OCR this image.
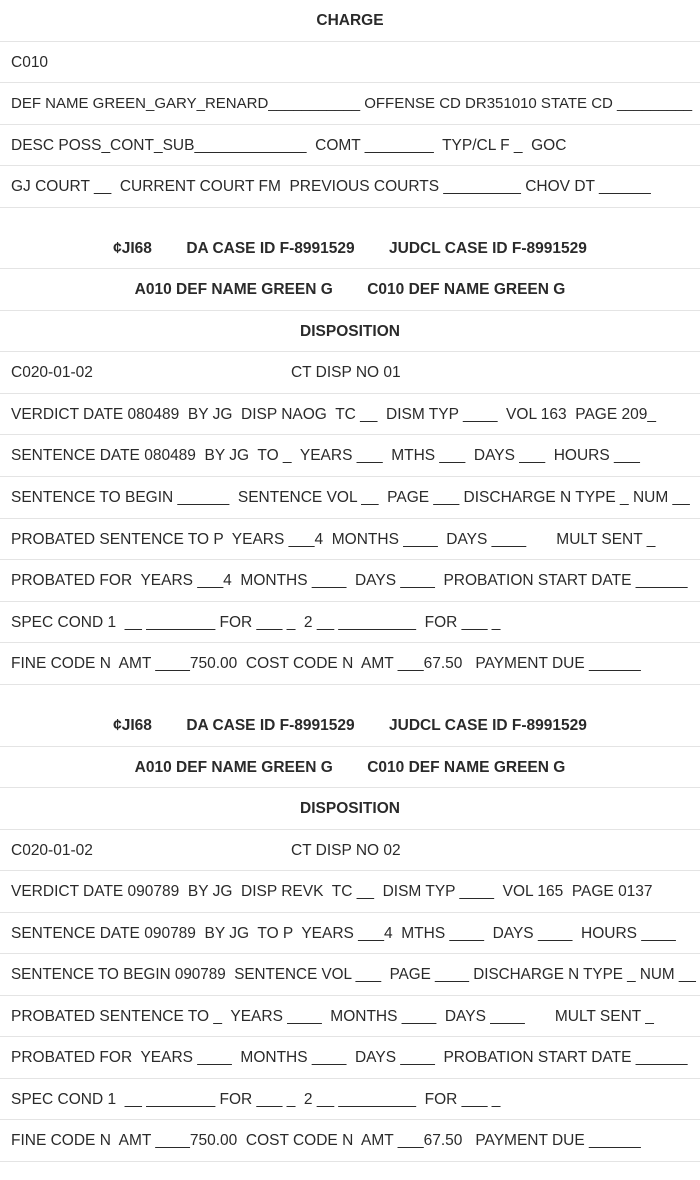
CHARGE
C010
DEF NAME GREEN_GARY_RENARD___________ OFFENSE CD DR351010 STATE CD _________
DESC POSS_CONT_SUB_____________  COMT ________  TYP/CL F _  GOC
GJ COURT __  CURRENT COURT FM  PREVIOUS COURTS _________ CHOV DT ______
¢JI68        DA CASE ID F-8991529        JUDCL CASE ID F-8991529
A010 DEF NAME GREEN G        C010 DEF NAME GREEN G
DISPOSITION
C020-01-02                                              CT DISP NO 01
VERDICT DATE 080489  BY JG  DISP NAOG  TC __  DISM TYP ____  VOL 163  PAGE 209_
SENTENCE DATE 080489  BY JG  TO _  YEARS ___  MTHS ___  DAYS ___  HOURS ___
SENTENCE TO BEGIN ______  SENTENCE VOL __  PAGE ___ DISCHARGE N TYPE _ NUM __
PROBATED SENTENCE TO P  YEARS ___4  MONTHS ____  DAYS ____       MULT SENT _
PROBATED FOR  YEARS ___4  MONTHS ____  DAYS ____  PROBATION START DATE ______
SPEC COND 1  __ ________ FOR ___ _  2 __ _________  FOR ___ _
FINE CODE N  AMT ____750.00  COST CODE N  AMT ___67.50   PAYMENT DUE ______
¢JI68        DA CASE ID F-8991529        JUDCL CASE ID F-8991529
A010 DEF NAME GREEN G        C010 DEF NAME GREEN G
DISPOSITION
C020-01-02                                              CT DISP NO 02
VERDICT DATE 090789  BY JG  DISP REVK  TC __  DISM TYP ____  VOL 165  PAGE 0137
SENTENCE DATE 090789  BY JG  TO P  YEARS ___4  MTHS ____  DAYS ____  HOURS ____
SENTENCE TO BEGIN 090789  SENTENCE VOL ___  PAGE ____ DISCHARGE N TYPE _ NUM __
PROBATED SENTENCE TO _  YEARS ____  MONTHS ____  DAYS ____       MULT SENT _
PROBATED FOR  YEARS ____  MONTHS ____  DAYS ____  PROBATION START DATE ______
SPEC COND 1  __ ________ FOR ___ _  2 __ _________  FOR ___ _
FINE CODE N  AMT ____750.00  COST CODE N  AMT ___67.50   PAYMENT DUE ______
